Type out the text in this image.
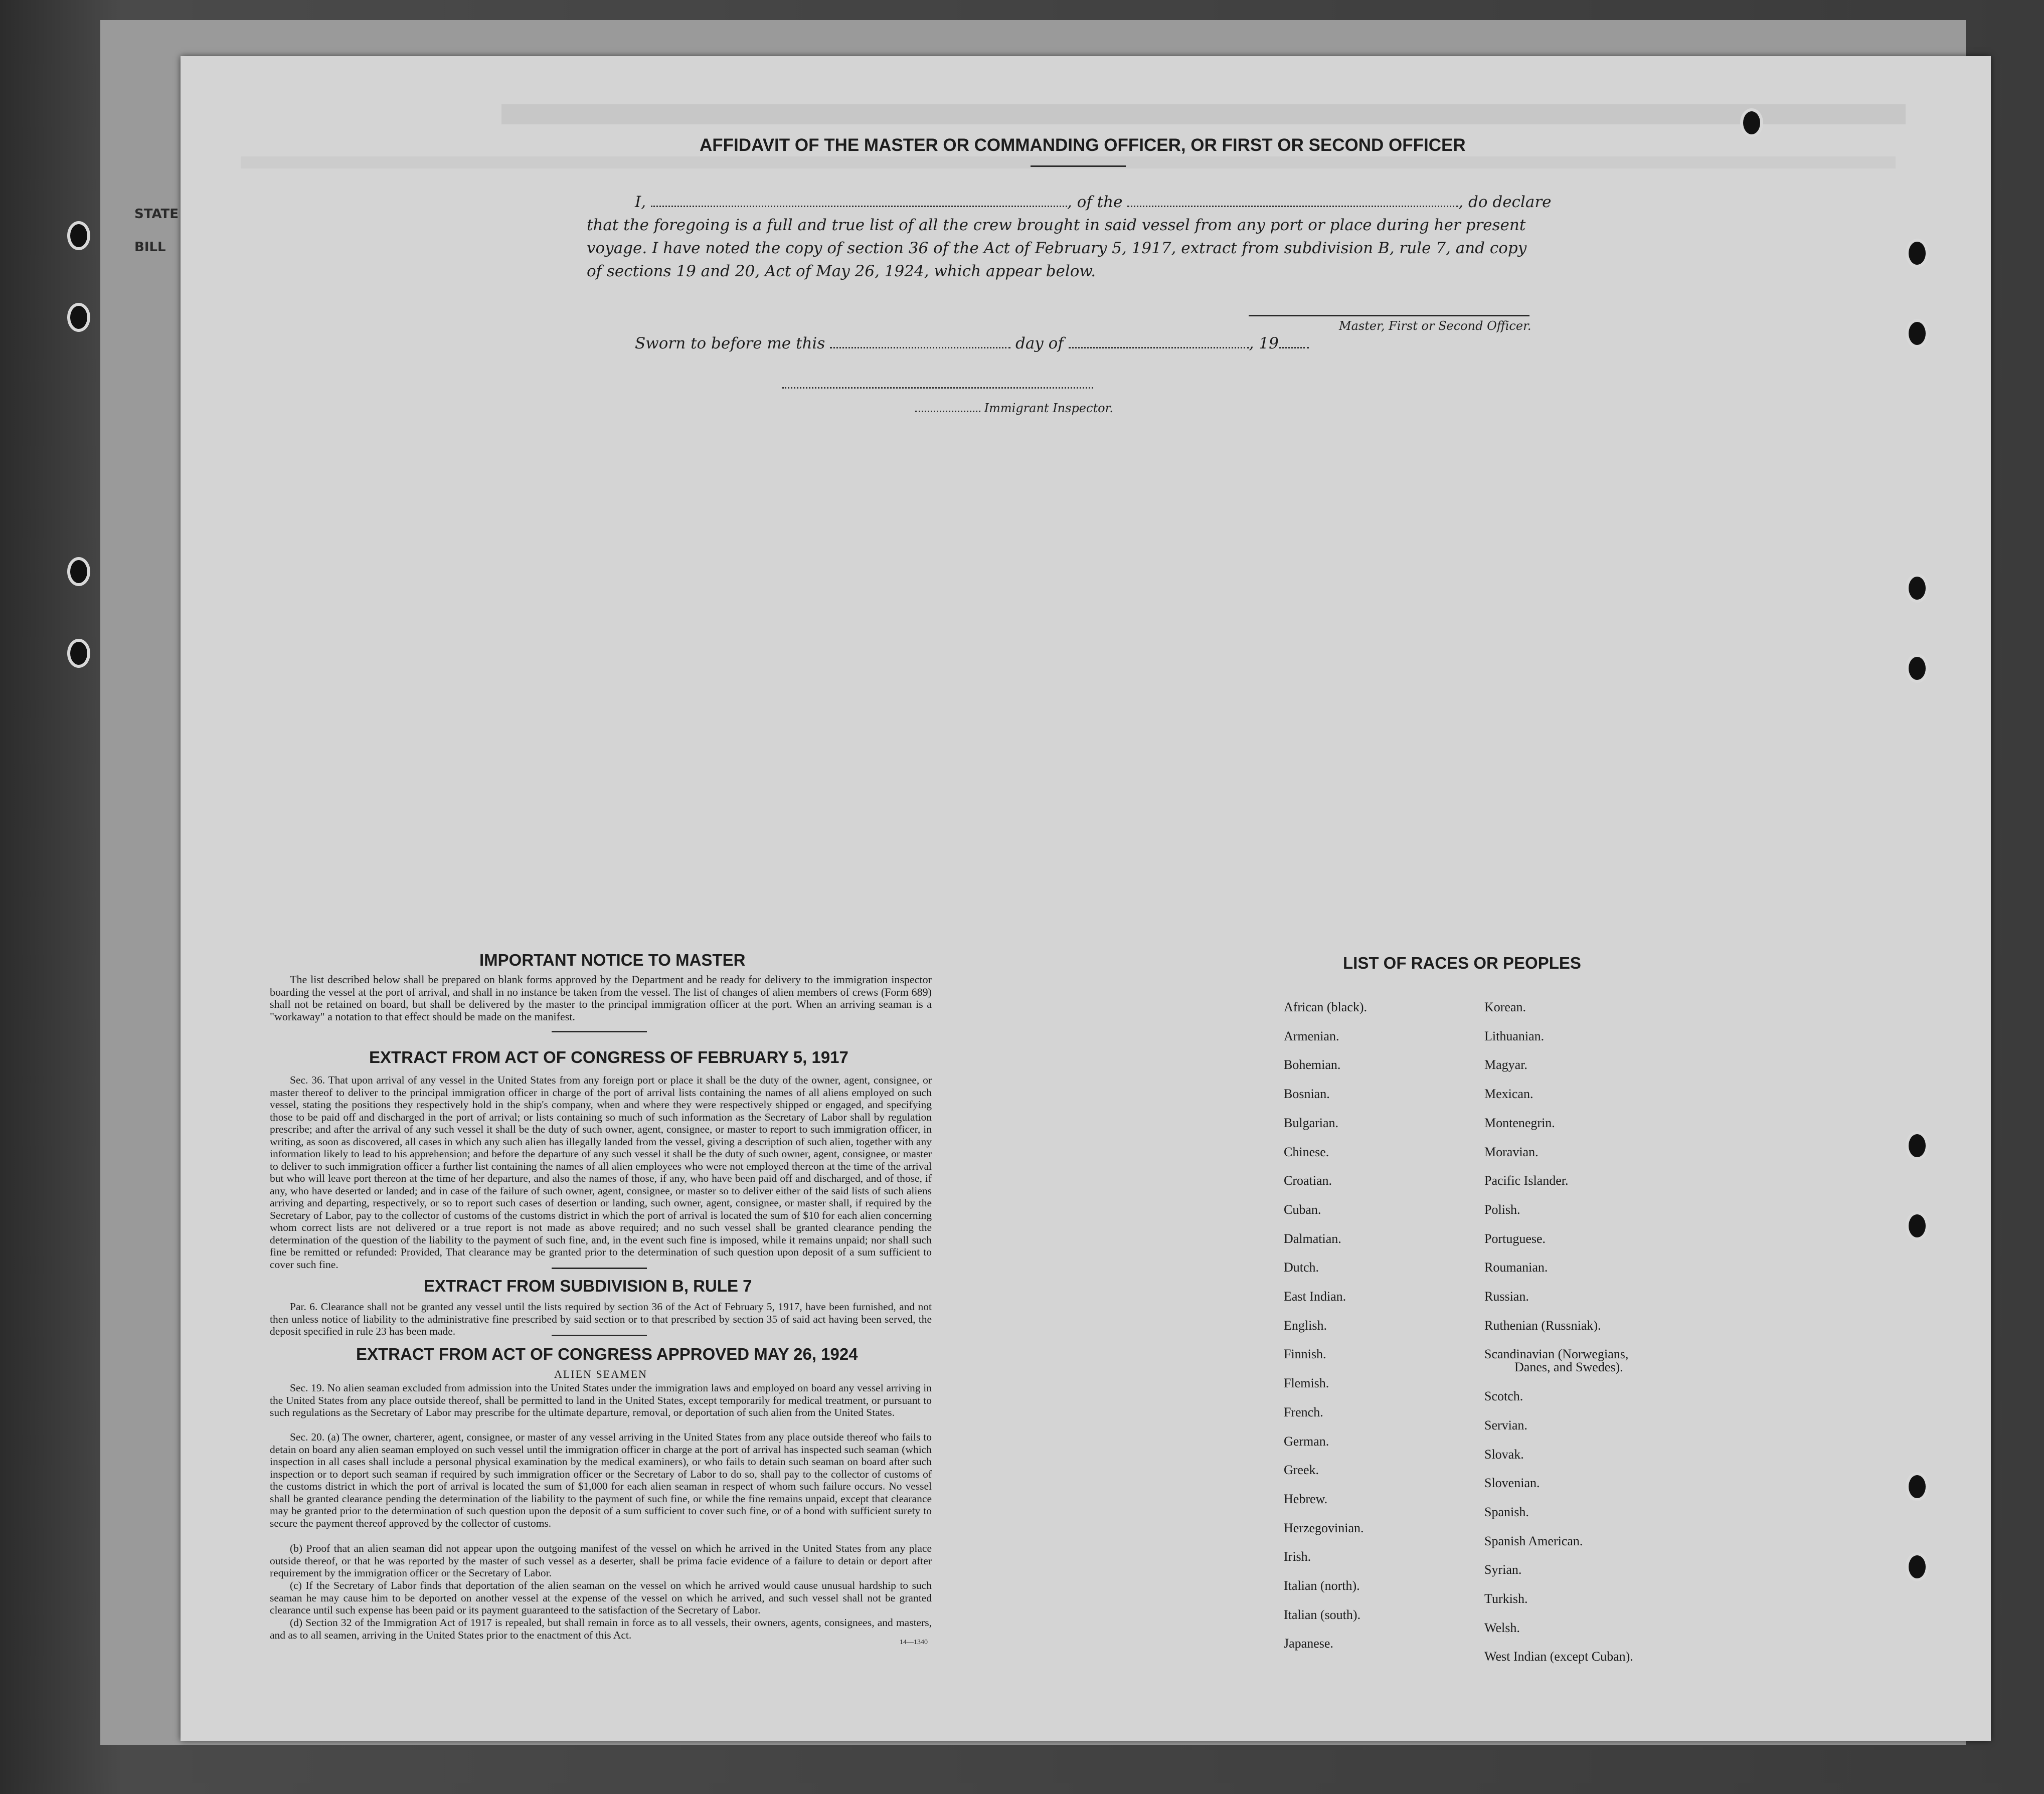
STATE
BILL
AFFIDAVIT OF THE MASTER OR COMMANDING OFFICER, OR FIRST OR SECOND OFFICER
I,	, of the	, do declare
that the foregoing is a full and true list of all the crew brought in said vessel from any port or place during her present
voyage. I have noted the copy of section 36 of the Act of February 5, 1917, extract from subdivision B, rule 7, and copy
of sections 19 and 20, Act of May 26, 1924, which appear below.
Master, First or Second Officer.
Sworn to before me this	day of	, 19
Immigrant Inspector.
IMPORTANT NOTICE TO MASTER
The list described below shall be prepared on blank forms approved by the Department and be ready for delivery to the immigration inspector boarding the vessel at the port of arrival, and shall in no instance be taken from the vessel. The list of changes of alien members of crews (Form 689) shall not be retained on board, but shall be delivered by the master to the principal immigration officer at the port. When an arriving seaman is a "workaway" a notation to that effect should be made on the manifest.
EXTRACT FROM ACT OF CONGRESS OF FEBRUARY 5, 1917
Sec. 36. That upon arrival of any vessel in the United States from any foreign port or place it shall be the duty of the owner, agent, consignee, or master thereof to deliver to the principal immigration officer in charge of the port of arrival lists containing the names of all aliens employed on such vessel, stating the positions they respectively hold in the ship's company, when and where they were respectively shipped or engaged, and specifying those to be paid off and discharged in the port of arrival; or lists containing so much of such information as the Secretary of Labor shall by regulation prescribe; and after the arrival of any such vessel it shall be the duty of such owner, agent, consignee, or master to report to such immigration officer, in writing, as soon as discovered, all cases in which any such alien has illegally landed from the vessel, giving a description of such alien, together with any information likely to lead to his apprehension; and before the departure of any such vessel it shall be the duty of such owner, agent, consignee, or master to deliver to such immigration officer a further list containing the names of all alien employees who were not employed thereon at the time of the arrival but who will leave port thereon at the time of her departure, and also the names of those, if any, who have been paid off and discharged, and of those, if any, who have deserted or landed; and in case of the failure of such owner, agent, consignee, or master so to deliver either of the said lists of such aliens arriving and departing, respectively, or so to report such cases of desertion or landing, such owner, agent, consignee, or master shall, if required by the Secretary of Labor, pay to the collector of customs of the customs district in which the port of arrival is located the sum of $10 for each alien concerning whom correct lists are not delivered or a true report is not made as above required; and no such vessel shall be granted clearance pending the determination of the question of the liability to the payment of such fine, and, in the event such fine is imposed, while it remains unpaid; nor shall such fine be remitted or refunded: Provided, That clearance may be granted prior to the determination of such question upon deposit of a sum sufficient to cover such fine.
EXTRACT FROM SUBDIVISION B, RULE 7
Par. 6. Clearance shall not be granted any vessel until the lists required by section 36 of the Act of February 5, 1917, have been furnished, and not then unless notice of liability to the administrative fine prescribed by said section or to that prescribed by section 35 of said act having been served, the deposit specified in rule 23 has been made.
EXTRACT FROM ACT OF CONGRESS APPROVED MAY 26, 1924
ALIEN SEAMEN
Sec. 19. No alien seaman excluded from admission into the United States under the immigration laws and employed on board any vessel arriving in the United States from any place outside thereof, shall be permitted to land in the United States, except temporarily for medical treatment, or pursuant to such regulations as the Secretary of Labor may prescribe for the ultimate departure, removal, or deportation of such alien from the United States.
Sec. 20. (a) The owner, charterer, agent, consignee, or master of any vessel arriving in the United States from any place outside thereof who fails to detain on board any alien seaman employed on such vessel until the immigration officer in charge at the port of arrival has inspected such seaman (which inspection in all cases shall include a personal physical examination by the medical examiners), or who fails to detain such seaman on board after such inspection or to deport such seaman if required by such immigration officer or the Secretary of Labor to do so, shall pay to the collector of customs of the customs district in which the port of arrival is located the sum of $1,000 for each alien seaman in respect of whom such failure occurs. No vessel shall be granted clearance pending the determination of the liability to the payment of such fine, or while the fine remains unpaid, except that clearance may be granted prior to the determination of such question upon the deposit of a sum sufficient to cover such fine, or of a bond with sufficient surety to secure the payment thereof approved by the collector of customs.
(b) Proof that an alien seaman did not appear upon the outgoing manifest of the vessel on which he arrived in the United States from any place outside thereof, or that he was reported by the master of such vessel as a deserter, shall be prima facie evidence of a failure to detain or deport after requirement by the immigration officer or the Secretary of Labor.
(c) If the Secretary of Labor finds that deportation of the alien seaman on the vessel on which he arrived would cause unusual hardship to such seaman he may cause him to be deported on another vessel at the expense of the vessel on which he arrived, and such vessel shall not be granted clearance until such expense has been paid or its payment guaranteed to the satisfaction of the Secretary of Labor.
(d) Section 32 of the Immigration Act of 1917 is repealed, but shall remain in force as to all vessels, their owners, agents, consignees, and masters, and as to all seamen, arriving in the United States prior to the enactment of this Act.
14—1340
LIST OF RACES OR PEOPLES
African (black).
Armenian.
Bohemian.
Bosnian.
Bulgarian.
Chinese.
Croatian.
Cuban.
Dalmatian.
Dutch.
East Indian.
English.
Finnish.
Flemish.
French.
German.
Greek.
Hebrew.
Herzegovinian.
Irish.
Italian (north).
Italian (south).
Japanese.
Korean.
Lithuanian.
Magyar.
Mexican.
Montenegrin.
Moravian.
Pacific Islander.
Polish.
Portuguese.
Roumanian.
Russian.
Ruthenian (Russniak).
Scandinavian (Norwegians,
Danes, and Swedes).
Scotch.
Servian.
Slovak.
Slovenian.
Spanish.
Spanish American.
Syrian.
Turkish.
Welsh.
West Indian (except Cuban).
